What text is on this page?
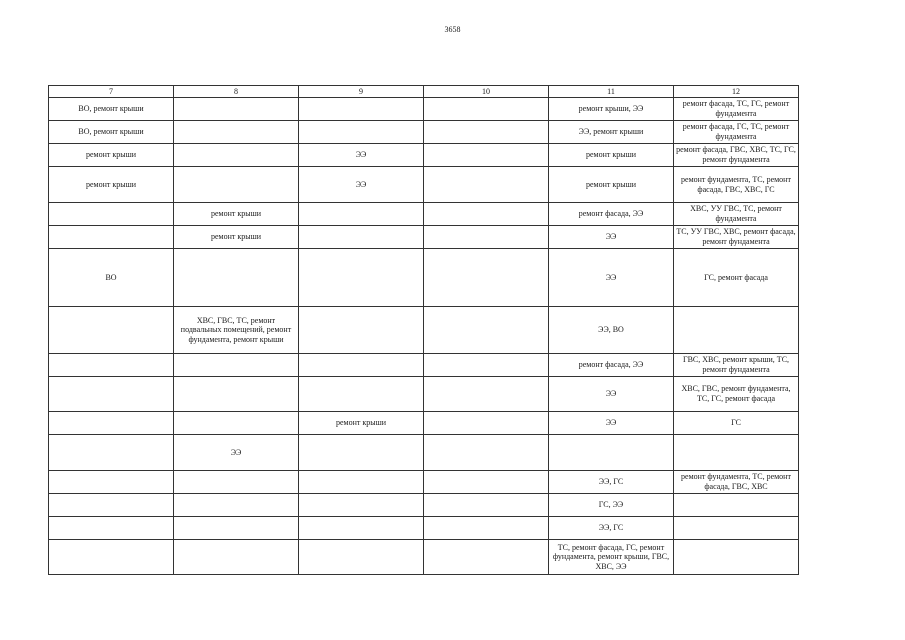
3658
7	8	9	10	11	12
ВО, ремонт крыши				ремонт крыши, ЭЭ	ремонт фасада, ТС, ГС, ремонт фундамента
ВО, ремонт крыши				ЭЭ, ремонт крыши	ремонт фасада, ГС, ТС, ремонт фундамента
ремонт крыши		ЭЭ		ремонт крыши	ремонт фасада, ГВС, ХВС, ТС, ГС, ремонт фундамента
ремонт крыши		ЭЭ		ремонт крыши	ремонт фундамента, ТС, ремонт фасада, ГВС, ХВС, ГС
	ремонт крыши			ремонт фасада, ЭЭ	ХВС, УУ ГВС, ТС, ремонт фундамента
	ремонт крыши			ЭЭ	ТС, УУ ГВС, ХВС, ремонт фасада, ремонт фундамента
ВО				ЭЭ	ГС, ремонт фасада
	ХВС, ГВС, ТС, ремонт подвальных помещений, ремонт фундамента, ремонт крыши			ЭЭ, ВО	
				ремонт фасада, ЭЭ	ГВС, ХВС, ремонт крыши, ТС, ремонт фундамента
				ЭЭ	ХВС, ГВС, ремонт фундамента, ТС, ГС, ремонт фасада
		ремонт крыши		ЭЭ	ГС
	ЭЭ				
				ЭЭ, ГС	ремонт фундамента, ТС, ремонт фасада, ГВС, ХВС
				ГС, ЭЭ	
				ЭЭ, ГС	
				ТС, ремонт фасада, ГС, ремонт фундамента, ремонт крыши, ГВС, ХВС, ЭЭ	
